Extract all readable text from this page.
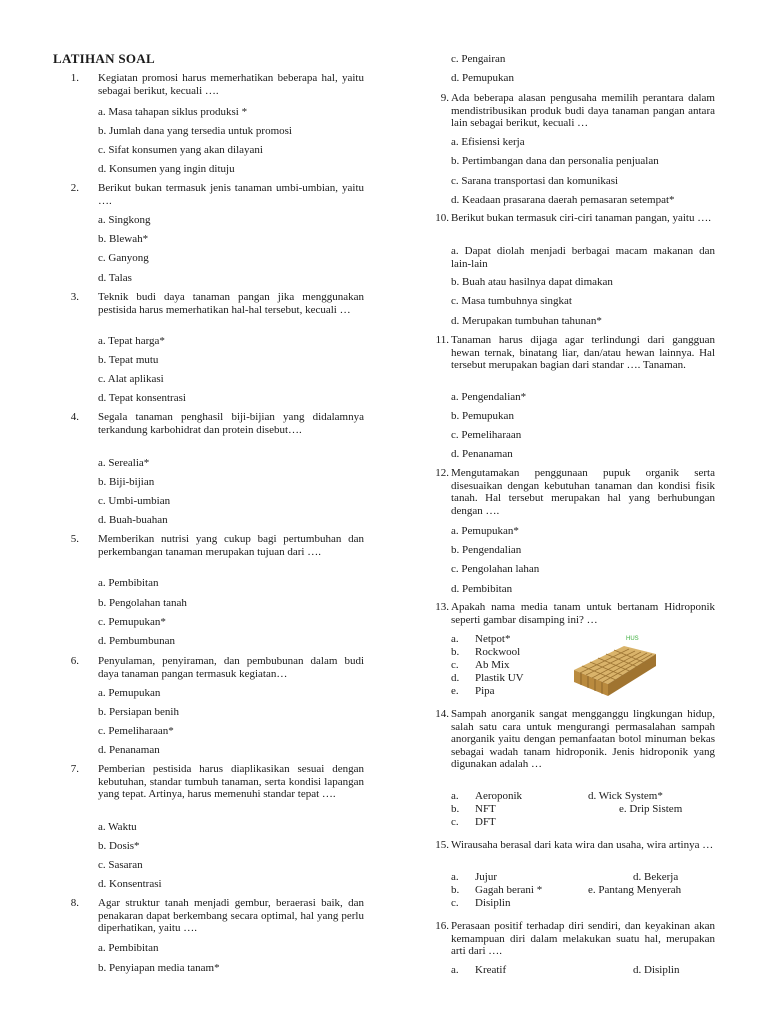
LATIHAN SOAL
1. Kegiatan promosi harus memerhatikan beberapa hal, yaitu sebagai berikut, kecuali ….
a. Masa tahapan siklus produksi *
b. Jumlah dana yang tersedia untuk promosi
c. Sifat konsumen yang akan dilayani
d. Konsumen yang ingin dituju
2. Berikut bukan termasuk jenis tanaman umbi-umbian, yaitu ….
a. Singkong
b. Blewah*
c. Ganyong
d. Talas
3. Teknik budi daya tanaman pangan jika menggunakan pestisida harus memerhatikan hal-hal tersebut, kecuali …
a. Tepat harga*
b. Tepat mutu
c. Alat aplikasi
d. Tepat konsentrasi
4. Segala tanaman penghasil biji-bijian yang didalamnya terkandung karbohidrat dan protein disebut….
a. Serealia*
b. Biji-bijian
c. Umbi-umbian
d. Buah-buahan
5. Memberikan nutrisi yang cukup bagi pertumbuhan dan perkembangan tanaman merupakan tujuan dari ….
a. Pembibitan
b. Pengolahan tanah
c. Pemupukan*
d. Pembumbunan
6. Penyulaman, penyiraman, dan pembubunan dalam budi daya tanaman pangan termasuk kegiatan…
a. Pemupukan
b. Persiapan benih
c. Pemeliharaan*
d. Penanaman
7. Pemberian pestisida harus diaplikasikan sesuai dengan kebutuhan, standar tumbuh tanaman, serta kondisi lapangan yang tepat. Artinya, harus memenuhi standar tepat ….
a. Waktu
b. Dosis*
c. Sasaran
d. Konsentrasi
8. Agar struktur tanah menjadi gembur, beraerasi baik, dan penakaran dapat berkembang secara optimal, hal yang perlu diperhatikan, yaitu ….
a. Pembibitan
b. Penyiapan media tanam*
c. Pengairan
d. Pemupukan
9. Ada beberapa alasan pengusaha memilih perantara dalam mendistribusikan produk budi daya tanaman pangan antara lain sebagai berikut, kecuali …
a. Efisiensi kerja
b. Pertimbangan dana dan personalia penjualan
c. Sarana transportasi dan komunikasi
d. Keadaan prasarana daerah pemasaran setempat*
10. Berikut bukan termasuk ciri-ciri tanaman pangan, yaitu ….
a. Dapat diolah menjadi berbagai macam makanan dan lain-lain
b. Buah atau hasilnya dapat dimakan
c. Masa tumbuhnya singkat
d. Merupakan tumbuhan tahunan*
11. Tanaman harus dijaga agar terlindungi dari gangguan hewan ternak, binatang liar, dan/atau hewan lainnya. Hal tersebut merupakan bagian dari standar …. Tanaman.
a. Pengendalian*
b. Pemupukan
c. Pemeliharaan
d. Penanaman
12. Mengutamakan penggunaan pupuk organik serta disesuaikan dengan kebutuhan tanaman dan kondisi fisik tanah. Hal tersebut merupakan hal yang berhubungan dengan ….
a. Pemupukan*
b. Pengendalian
c. Pengolahan lahan
d. Pembibitan
13. Apakah nama media tanam untuk bertanam Hidroponik seperti gambar disamping ini? …
a. Netpot*
b. Rockwool
c. Ab Mix
d. Plastik UV
e. Pipa
14. Sampah anorganik sangat mengganggu lingkungan hidup, salah satu cara untuk mengurangi permasalahan sampah anorganik yaitu dengan pemanfaatan botol minuman bekas sebagai wadah tanam hidroponik. Jenis hidroponik yang digunakan adalah …
a. Aeroponik
b. NFT
c. DFT
d. Wick System*
e. Drip Sistem
15. Wirausaha berasal dari kata wira dan usaha, wira artinya …
a. Jujur
b. Gagah berani *
c. Disiplin
d. Bekerja
e. Pantang Menyerah
16. Perasaan positif terhadap diri sendiri, dan keyakinan akan kemampuan diri dalam melakukan suatu hal, merupakan arti dari ….
a. Kreatif	d. Disiplin
HUS
